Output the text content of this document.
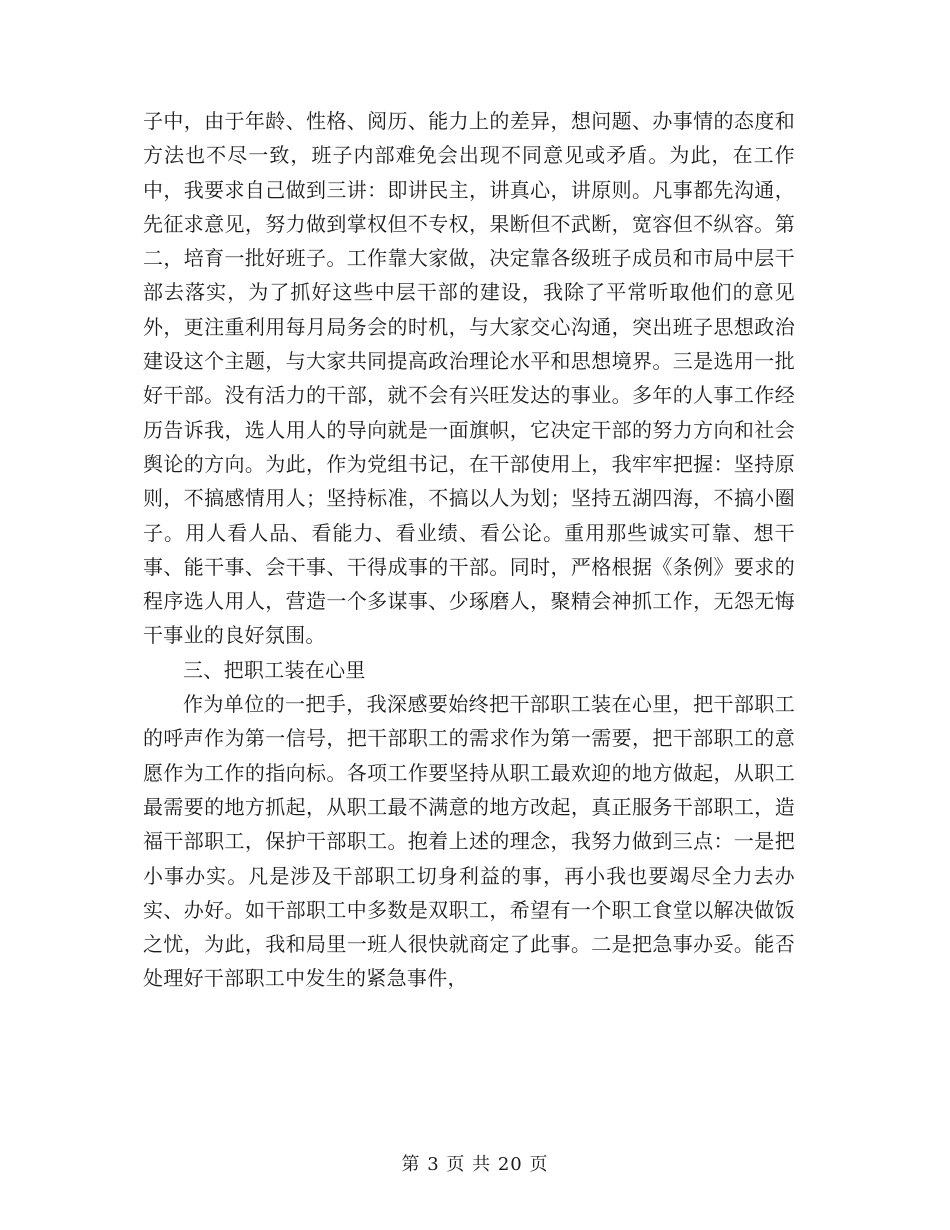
子中，由于年龄、性格、阅历、能力上的差异，想问题、办事情的态度和方法也不尽一致，班子内部难免会出现不同意见或矛盾。为此，在工作中，我要求自己做到三讲：即讲民主，讲真心，讲原则。凡事都先沟通，先征求意见，努力做到掌权但不专权，果断但不武断，宽容但不纵容。第二，培育一批好班子。工作靠大家做，决定靠各级班子成员和市局中层干部去落实，为了抓好这些中层干部的建设，我除了平常听取他们的意见外，更注重利用每月局务会的时机，与大家交心沟通，突出班子思想政治建设这个主题，与大家共同提高政治理论水平和思想境界。三是选用一批好干部。没有活力的干部，就不会有兴旺发达的事业。多年的人事工作经历告诉我，选人用人的导向就是一面旗帜，它决定干部的努力方向和社会舆论的方向。为此，作为党组书记，在干部使用上，我牢牢把握：坚持原则，不搞感情用人；坚持标准，不搞以人为划；坚持五湖四海，不搞小圈子。用人看人品、看能力、看业绩、看公论。重用那些诚实可靠、想干事、能干事、会干事、干得成事的干部。同时，严格根据《条例》要求的程序选人用人，营造一个多谋事、少琢磨人，聚精会神抓工作，无怨无悔干事业的良好氛围。

三、把职工装在心里

作为单位的一把手，我深感要始终把干部职工装在心里，把干部职工的呼声作为第一信号，把干部职工的需求作为第一需要，把干部职工的意愿作为工作的指向标。各项工作要坚持从职工最欢迎的地方做起，从职工最需要的地方抓起，从职工最不满意的地方改起，真正服务干部职工，造福干部职工，保护干部职工。抱着上述的理念，我努力做到三点：一是把小事办实。凡是涉及干部职工切身利益的事，再小我也要竭尽全力去办实、办好。如干部职工中多数是双职工，希望有一个职工食堂以解决做饭之忧，为此，我和局里一班人很快就商定了此事。二是把急事办妥。能否处理好干部职工中发生的紧急事件，

第 3 页 共 20 页
